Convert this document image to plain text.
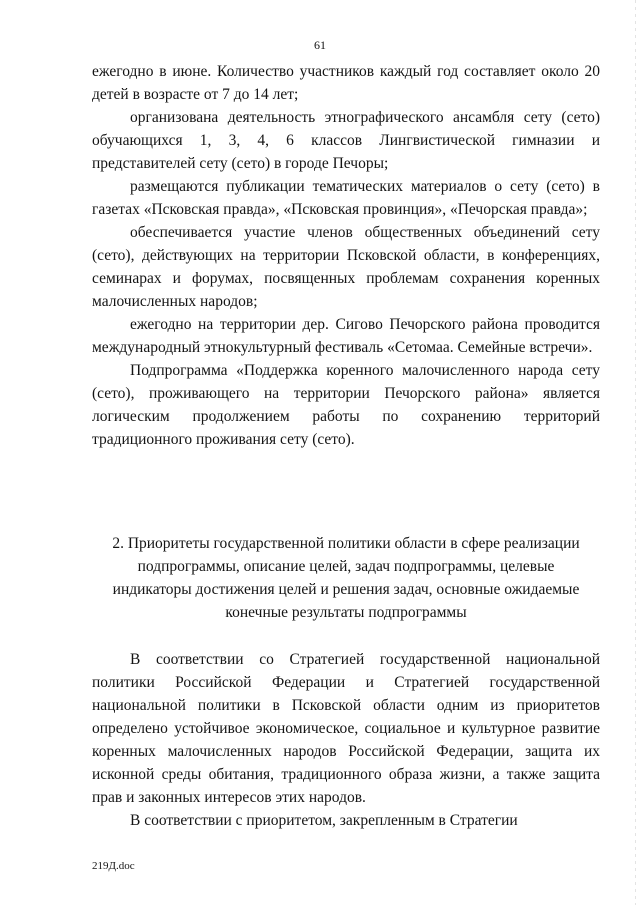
61

ежегодно в июне. Количество участников каждый год составляет около 20 детей в возрасте от 7 до 14 лет;

организована деятельность этнографического ансамбля сету (сето) обучающихся 1, 3, 4, 6 классов Лингвистической гимназии и представителей сету (сето) в городе Печоры;

размещаются публикации тематических материалов о сету (сето) в газетах «Псковская правда», «Псковская провинция», «Печорская правда»;

обеспечивается участие членов общественных объединений сету (сето), действующих на территории Псковской области, в конференциях, семинарах и форумах, посвященных проблемам сохранения коренных малочисленных народов;

ежегодно на территории дер. Сигово Печорского района проводится международный этнокультурный фестиваль «Сетомаа. Семейные встречи».

Подпрограмма «Поддержка коренного малочисленного народа сету (сето), проживающего на территории Печорского района» является логическим продолжением работы по сохранению территорий традиционного проживания сету (сето).

2. Приоритеты государственной политики области в сфере реализации
подпрограммы, описание целей, задач подпрограммы, целевые
индикаторы достижения целей и решения задач, основные ожидаемые
конечные результаты подпрограммы

В соответствии со Стратегией государственной национальной политики Российской Федерации и Стратегией государственной национальной политики в Псковской области одним из приоритетов определено устойчивое экономическое, социальное и культурное развитие коренных малочисленных народов Российской Федерации, защита их исконной среды обитания, традиционного образа жизни, а также защита прав и законных интересов этих народов.

В соответствии с приоритетом, закрепленным в Стратегии

219Д.doc
